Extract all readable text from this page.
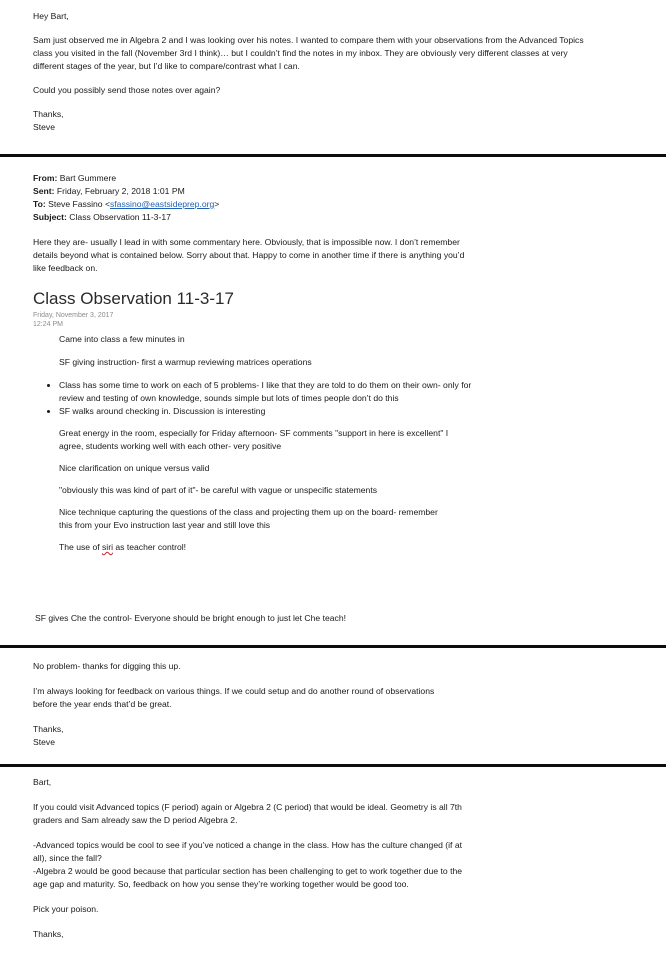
Hey Bart,

Sam just observed me in Algebra 2 and I was looking over his notes. I wanted to compare them with your observations from the Advanced Topics class you visited in the fall (November 3rd I think)… but I couldn’t find the notes in my inbox. They are obviously very different classes at very different stages of the year, but I’d like to compare/contrast what I can.

Could you possibly send those notes over again?

Thanks,

Steve

From: Bart Gummere

Sent: Friday, February 2, 2018 1:01 PM

To: Steve Fassino <sfassino@eastsideprep.org>

Subject: Class Observation 11-3-17

Here they are- usually I lead in with some commentary here. Obviously, that is impossible now. I don’t remember details beyond what is contained below. Sorry about that. Happy to come in another time if there is anything you’d like feedback on.

Class Observation 11-3-17

Friday, November 3, 2017

12:24 PM

Came into class a few minutes in

SF giving instruction- first a warmup reviewing matrices operations

• Class has some time to work on each of 5 problems- I like that they are told to do them on their own- only for review and testing of own knowledge, sounds simple but lots of times people don’t do this
• SF walks around checking in. Discussion is interesting

Great energy in the room, especially for Friday afternoon- SF comments "support in here is excellent" I agree, students working well with each other- very positive

Nice clarification on unique versus valid

"obviously this was kind of part of it"- be careful with vague or unspecific statements

Nice technique capturing the questions of the class and projecting them up on the board- remember this from your Evo instruction last year and still love this

The use of siri as teacher control!

SF gives Che the control- Everyone should be bright enough to just let Che teach!

No problem- thanks for digging this up.

I’m always looking for feedback on various things. If we could setup and do another round of observations before the year ends that’d be great.

Thanks,

Steve

Bart,

If you could visit Advanced topics (F period) again or Algebra 2 (C period) that would be ideal. Geometry is all 7th graders and Sam already saw the D period Algebra 2.

-Advanced topics would be cool to see if you’ve noticed a change in the class. How has the culture changed (if at all), since the fall?

-Algebra 2 would be good because that particular section has been challenging to get to work together due to the age gap and maturity. So, feedback on how you sense they’re working together would be good too.

Pick your poison.

Thanks,
